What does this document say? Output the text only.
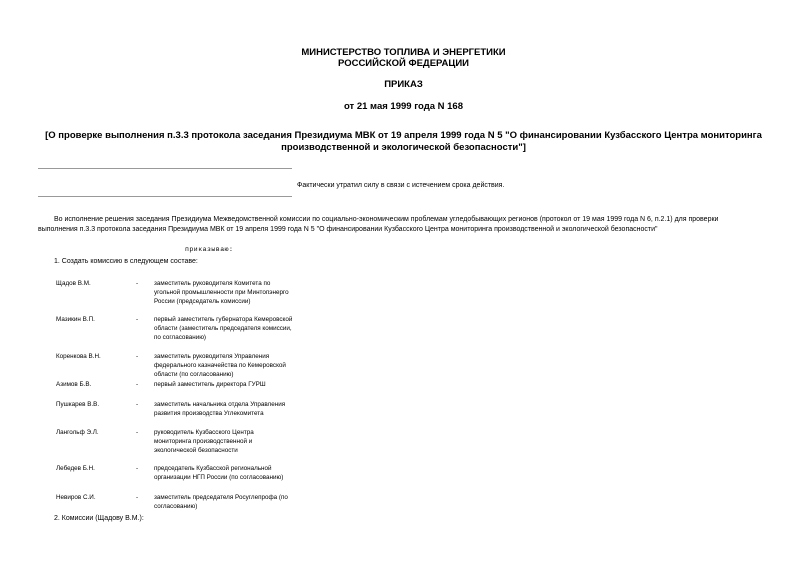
МИНИСТЕРСТВО ТОПЛИВА И ЭНЕРГЕТИКИ
РОССИЙСКОЙ ФЕДЕРАЦИИ
ПРИКАЗ
от 21 мая 1999 года N 168
[О проверке выполнения п.3.3 протокола заседания Президиума МВК от 19 апреля 1999 года N 5 "О финансировании Кузбасского Центра мониторинга
производственной и экологической безопасности"]
Фактически утратил силу в связи с истечением срока действия.
Во исполнение решения заседания Президиума Межведомственной комиссии по социально-экономическим проблемам угледобывающих регионов (протокол от 19 мая 1999 года N 6, п.2.1) для проверки
выполнения п.3.3 протокола заседания Президиума МВК от 19 апреля 1999 года N 5 "О финансировании Кузбасского Центра мониторинга производственной и экологической безопасности"
приказываю:
1. Создать комиссию в следующем составе:
Щадов В.М.	-	заместитель руководителя Комитета по
угольной промышленности при Минтопэнерго
России (председатель комиссии)
Мазикин В.П.	-	первый заместитель губернатора Кемеровской
области (заместитель председателя комиссии,
по согласованию)
Коренкова В.Н.	-	заместитель руководителя Управления
федерального казначейства по Кемеровской
области (по согласованию)
Азимов Б.В.	-	первый заместитель директора ГУРШ
Пушкарев В.В.	-	заместитель начальника отдела Управления
развития производства Углекомитета
Лангольф Э.Л.	-	руководитель Кузбасского Центра
мониторинга производственной и
экологической безопасности
Лебедев Б.Н.	-	председатель Кузбасской региональной
организации НГП России (по согласованию)
Невиров С.И.	-	заместитель председателя Росуглепрофа (по
согласованию)
2. Комиссии (Щадову В.М.):
